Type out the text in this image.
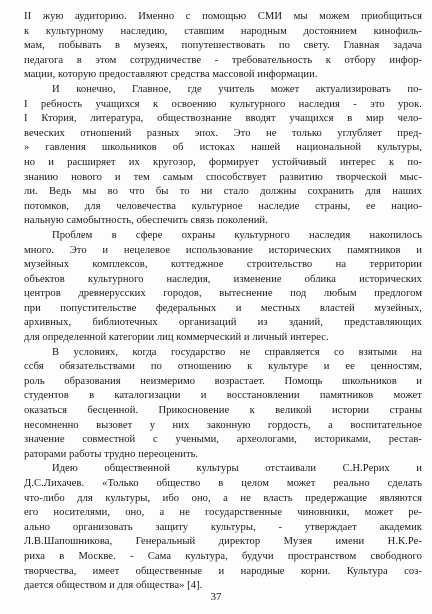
II жую аудиторию. Именно с помощью СМИ мы можем приобщиться
к культурному наследию, ставшим народным достоянием кинофиль-
мам, побывать в музеях, попутешествовать по свету. Главная задача
педагога в этом сотрудничестве - требовательность к отбору инфор-
мации, которую предоставляют средства массовой информации.
И конечно, Главное, где учитель может актуализировать по-
I ребность учащихся к освоению культурного наследия - это урок.
I Ктория, литература, обществознание вводят учащихся в мир чело-
веческих отношений разных эпох. Это не только углубляет пред-
» гавления школьников об истоках нашей национальной культуры,
но и расширяет их кругозор, формирует устойчивый интерес к по-
знанию нового и тем самым способствует развитию творческой мыс-
ли. Ведь мы во что бы то ни стало должны сохранить для наших
потомков, для человечества культурное наследие страны, ее нацио-
нальную самобытность, обеспечить связь поколений.
Проблем в сфере охраны культурного наследия накопилось
много. Это и нецелевое использование исторических памятников и
музейных комплексов, коттеджное строительство на территории
объектов культурного наследия, изменение облика исторических
центров древнерусских городов, вытеснение под любым предлогом
при попустительстве федеральных и местных властей музейных,
архивных, библиотечных организаций из зданий, представляющих
для определенной категории лиц коммерческий и личный интерес.
В условиях, когда государство не справляется со взятыми на
ссбя обязательствами по отношению к культуре и ее ценностям,
роль образования неизмеримо возрастает. Помощь школьников и
студентов в каталогизации и восстановлении памятников может
оказаться бесценной. Прикосновение к великой истории страны
несомненно вызовет у них законную гордость, а воспитательное
значение совместной с учеными, археологами, историками, рестав-
раторами работы трудно переоценить.
Идею общественной культуры отстаивали С.Н.Рерих и
Д.С.Лихачев. «Только общество в целом может реально сделать
что-либо для культуры, ибо оно, а не власть предержащие являются
его носителями, оно, а не государственные чиновники, может ре-
ально организовать защиту культуры, - утверждает академик
Л.В.Шапошникова, Генеральный директор Музея имени Н.К.Ре-
риха в Москве. - Сама культура, будучи пространством свободного
творчества, имеет общественные и народные корни. Культура соз-
дается обществом и для общества» [4].
37
